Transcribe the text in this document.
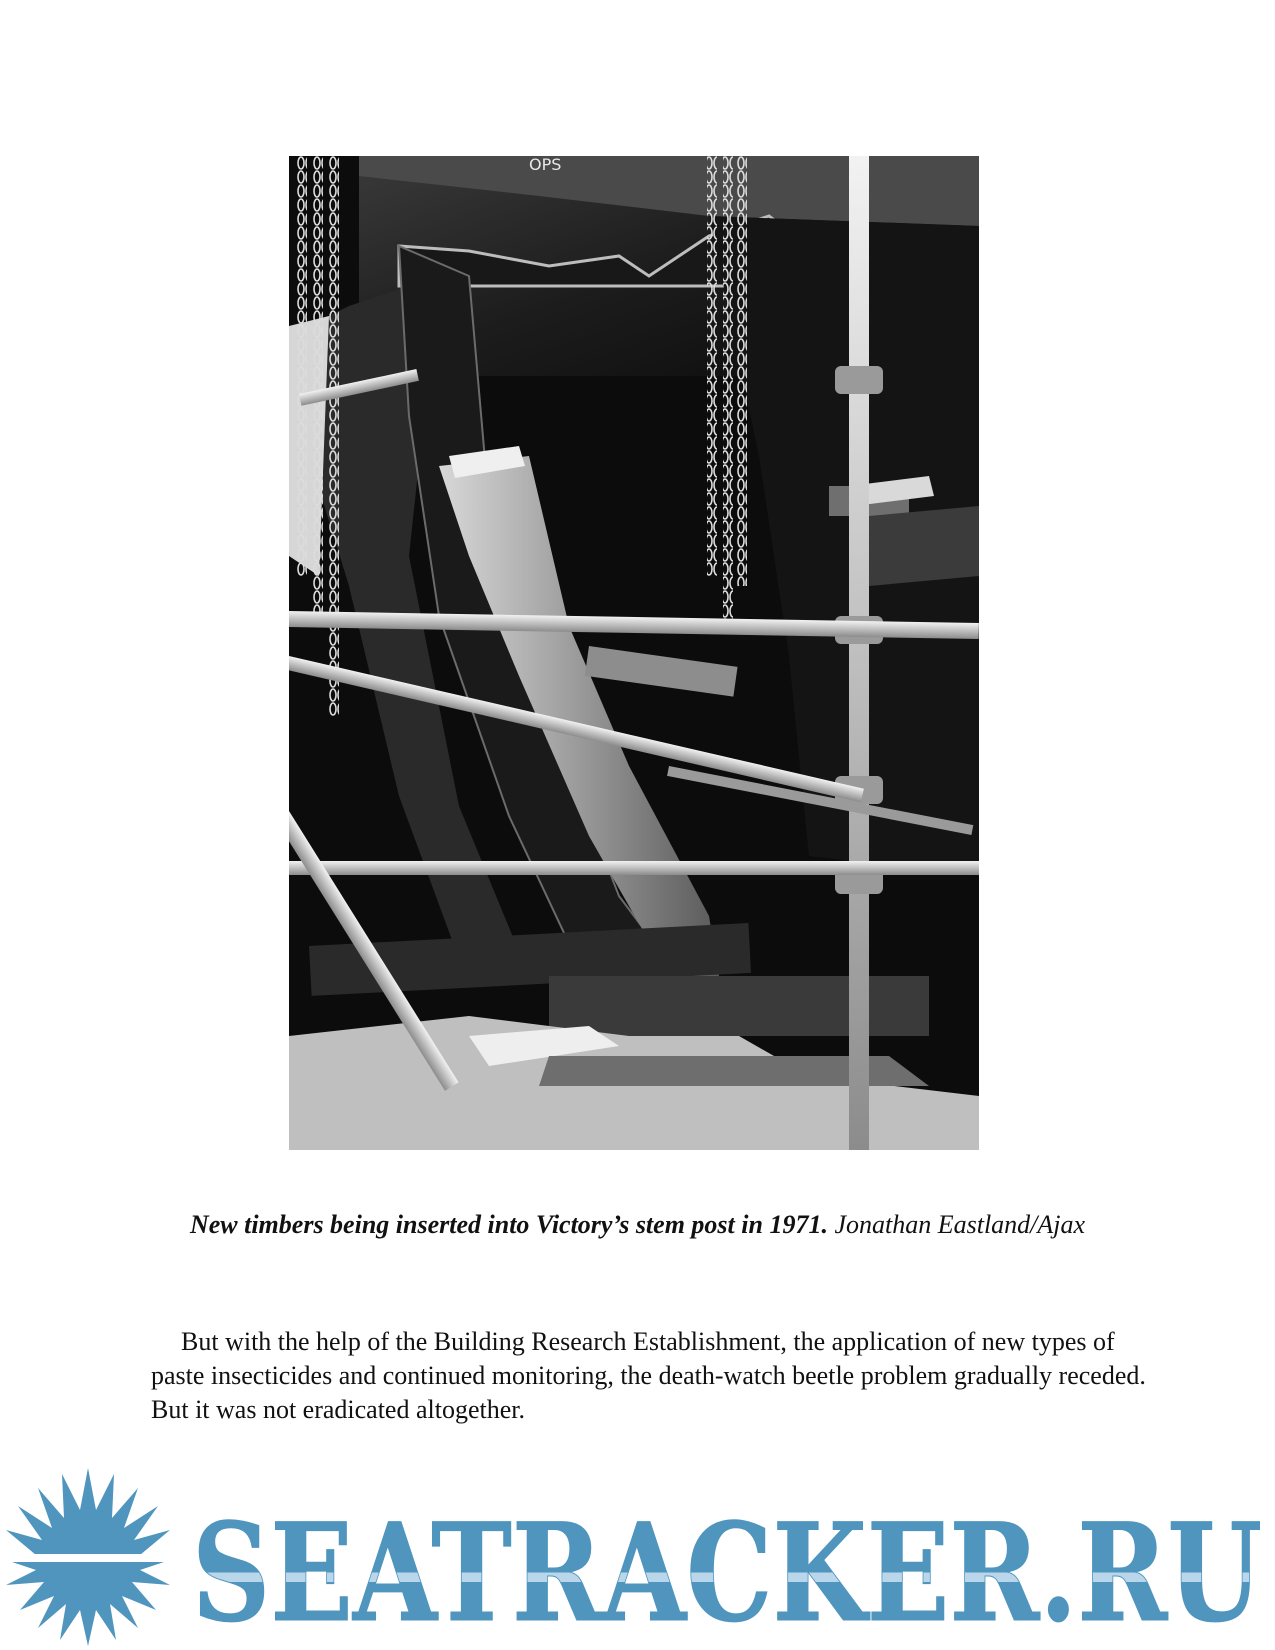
OPS
New timbers being inserted into Victory’s stem post in 1971. Jonathan Eastland/Ajax

But with the help of the Building Research Establishment, the application of new types of paste insecticides and continued monitoring, the death-watch beetle problem gradually receded. But it was not eradicated altogether.

SEATRACKER.RU
